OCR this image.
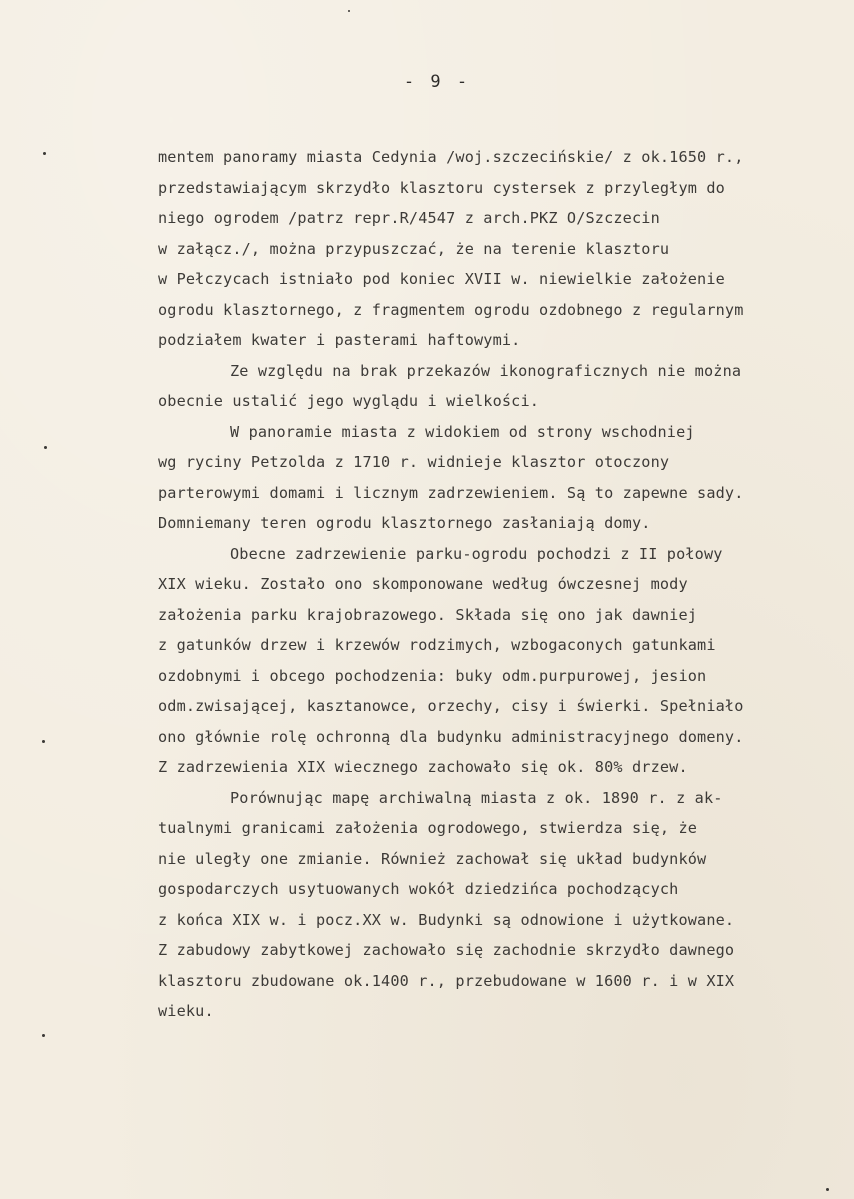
- 9 -
mentem panoramy miasta Cedynia /woj.szczecińskie/ z ok.1650 r.,
przedstawiającym skrzydło klasztoru cystersek z przyległym do
niego ogrodem /patrz repr.R/4547 z arch.PKZ O/Szczecin
w załącz./, można przypuszczać, że na terenie klasztoru
w Pełczycach istniało pod koniec XVII w. niewielkie założenie
ogrodu klasztornego, z fragmentem ogrodu ozdobnego z regularnym
podziałem kwater i pasterami haftowymi.
Ze względu na brak przekazów ikonograficznych nie można
obecnie ustalić jego wyglądu i wielkości.
W panoramie miasta z widokiem od strony wschodniej
wg ryciny Petzolda z 1710 r. widnieje klasztor otoczony
parterowymi domami i licznym zadrzewieniem. Są to zapewne sady.
Domniemany teren ogrodu klasztornego zasłaniają domy.
Obecne zadrzewienie parku-ogrodu pochodzi z II połowy
XIX wieku. Zostało ono skomponowane według ówczesnej mody
założenia parku krajobrazowego. Składa się ono jak dawniej
z gatunków drzew i krzewów rodzimych, wzbogaconych gatunkami
ozdobnymi i obcego pochodzenia: buky odm.purpurowej, jesion
odm.zwisającej, kasztanowce, orzechy, cisy i świerki. Spełniało
ono głównie rolę ochronną dla budynku administracyjnego domeny.
Z zadrzewienia XIX wiecznego zachowało się ok. 80% drzew.
Porównując mapę archiwalną miasta z ok. 1890 r. z ak-
tualnymi granicami założenia ogrodowego, stwierdza się, że
nie uległy one zmianie. Również zachował się układ budynków
gospodarczych usytuowanych wokół dziedzińca pochodzących
z końca XIX w. i pocz.XX w. Budynki są odnowione i użytkowane.
Z zabudowy zabytkowej zachowało się zachodnie skrzydło dawnego
klasztoru zbudowane ok.1400 r., przebudowane w 1600 r. i w XIX
wieku.
